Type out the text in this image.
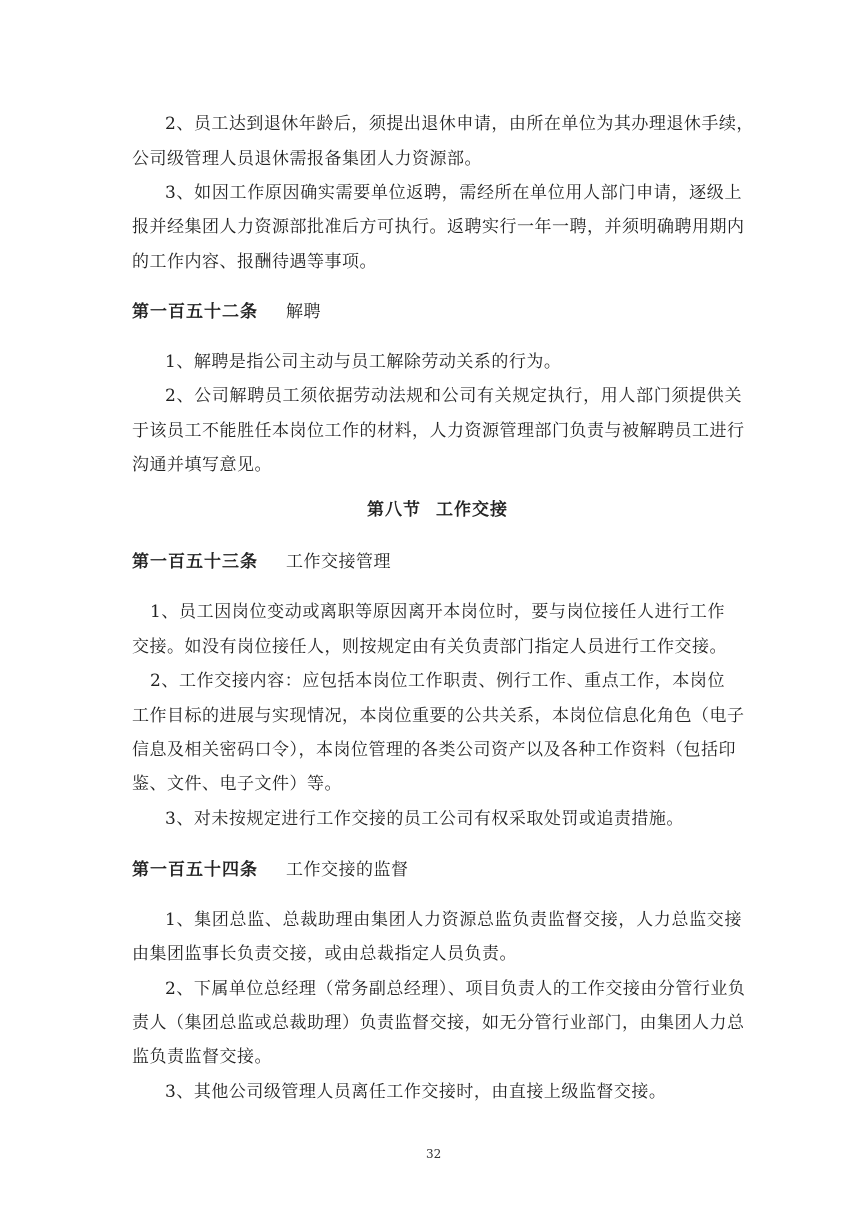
2、员工达到退休年龄后，须提出退休申请，由所在单位为其办理退休手续，
公司级管理人员退休需报备集团人力资源部。
3、如因工作原因确实需要单位返聘，需经所在单位用人部门申请，逐级上
报并经集团人力资源部批准后方可执行。返聘实行一年一聘，并须明确聘用期内
的工作内容、报酬待遇等事项。
第一百五十二条 解聘
1、解聘是指公司主动与员工解除劳动关系的行为。
2、公司解聘员工须依据劳动法规和公司有关规定执行，用人部门须提供关
于该员工不能胜任本岗位工作的材料，人力资源管理部门负责与被解聘员工进行
沟通并填写意见。
第八节 工作交接
第一百五十三条 工作交接管理
1、员工因岗位变动或离职等原因离开本岗位时，要与岗位接任人进行工作
交接。如没有岗位接任人，则按规定由有关负责部门指定人员进行工作交接。
2、工作交接内容：应包括本岗位工作职责、例行工作、重点工作，本岗位
工作目标的进展与实现情况，本岗位重要的公共关系，本岗位信息化角色（电子
信息及相关密码口令），本岗位管理的各类公司资产以及各种工作资料（包括印
鉴、文件、电子文件）等。
3、对未按规定进行工作交接的员工公司有权采取处罚或追责措施。
第一百五十四条 工作交接的监督
1、集团总监、总裁助理由集团人力资源总监负责监督交接，人力总监交接
由集团监事长负责交接，或由总裁指定人员负责。
2、下属单位总经理（常务副总经理）、项目负责人的工作交接由分管行业负
责人（集团总监或总裁助理）负责监督交接，如无分管行业部门，由集团人力总
监负责监督交接。
3、其他公司级管理人员离任工作交接时，由直接上级监督交接。
32
